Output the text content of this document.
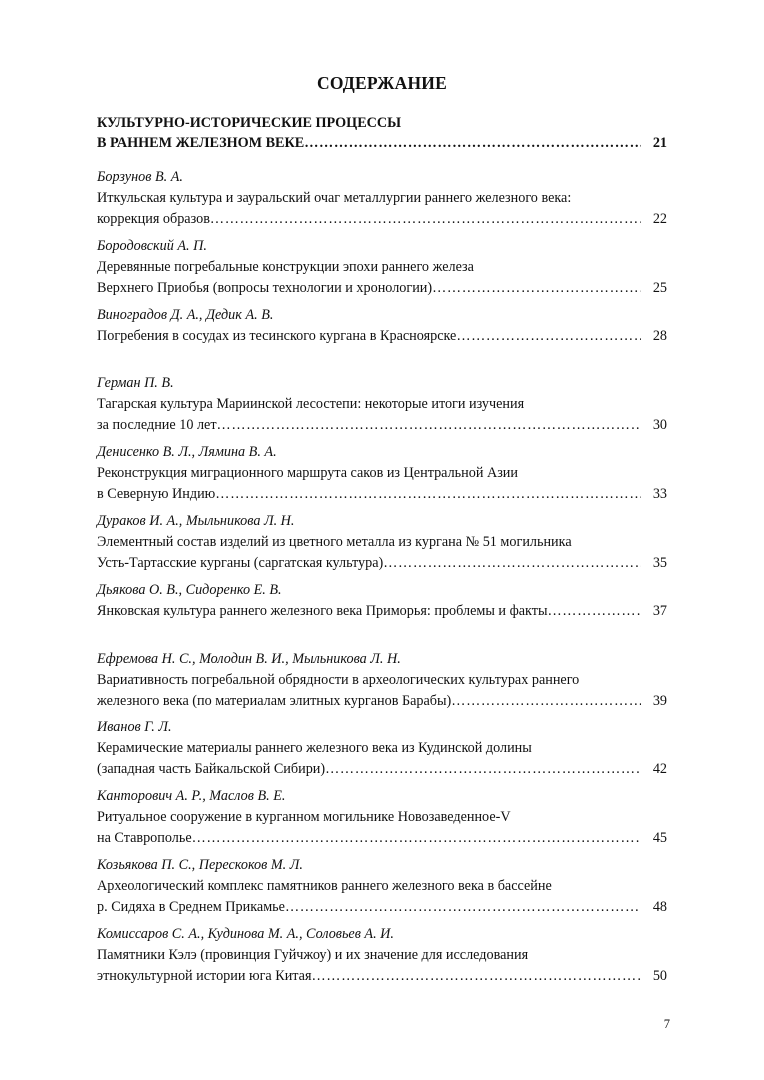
СОДЕРЖАНИЕ
КУЛЬТУРНО-ИСТОРИЧЕСКИЕ ПРОЦЕССЫ
В РАННЕМ ЖЕЛЕЗНОМ ВЕКЕ ……………………………………………………………………………………………………………………………………………………	21
Борзунов В. А.
Иткульская культура и зауральский очаг металлургии раннего железного века:
коррекция образов ……………………………………………………………………………………………………………………………………………………	22
Бородовский А. П.
Деревянные погребальные конструкции эпохи раннего железа
Верхнего Приобья (вопросы технологии и хронологии) ……………………………………………………………………………………………………………………………………………………	25
Виноградов Д. А., Дедик А. В.
Погребения в сосудах из тесинского кургана в Красноярске ……………………………………………………………………………………………………………………………………………………	28
Герман П. В.
Тагарская культура Мариинской лесостепи: некоторые итоги изучения
за последние 10 лет ……………………………………………………………………………………………………………………………………………………	30
Денисенко В. Л., Лямина В. А.
Реконструкция миграционного маршрута саков из Центральной Азии
в Северную Индию ……………………………………………………………………………………………………………………………………………………	33
Дураков И. А., Мыльникова Л. Н.
Элементный состав изделий из цветного металла из кургана № 51 могильника
Усть-Тартасские курганы (саргатская культура) ……………………………………………………………………………………………………………………………………………………	35
Дьякова О. В., Сидоренко Е. В.
Янковская культура раннего железного века Приморья: проблемы и факты ……………………………………………………………………………………………………………………………………………………	37
Ефремова Н. С., Молодин В. И., Мыльникова Л. Н.
Вариативность погребальной обрядности в археологических культурах раннего
железного века (по материалам элитных курганов Барабы) ……………………………………………………………………………………………………………………………………………………	39
Иванов Г. Л.
Керамические материалы раннего железного века из Кудинской долины
(западная часть Байкальской Сибири) ……………………………………………………………………………………………………………………………………………………	42
Канторович А. Р., Маслов В. Е.
Ритуальное сооружение в курганном могильнике Новозаведенное-V
на Ставрополье ……………………………………………………………………………………………………………………………………………………	45
Козьякова П. С., Перескоков М. Л.
Археологический комплекс памятников раннего железного века в бассейне
р. Сидяха в Среднем Прикамье ……………………………………………………………………………………………………………………………………………………	48
Комиссаров С. А., Кудинова М. А., Соловьев А. И.
Памятники Кэлэ (провинция Гуйчжоу) и их значение для исследования
этнокультурной истории юга Китая ……………………………………………………………………………………………………………………………………………………	50
7
